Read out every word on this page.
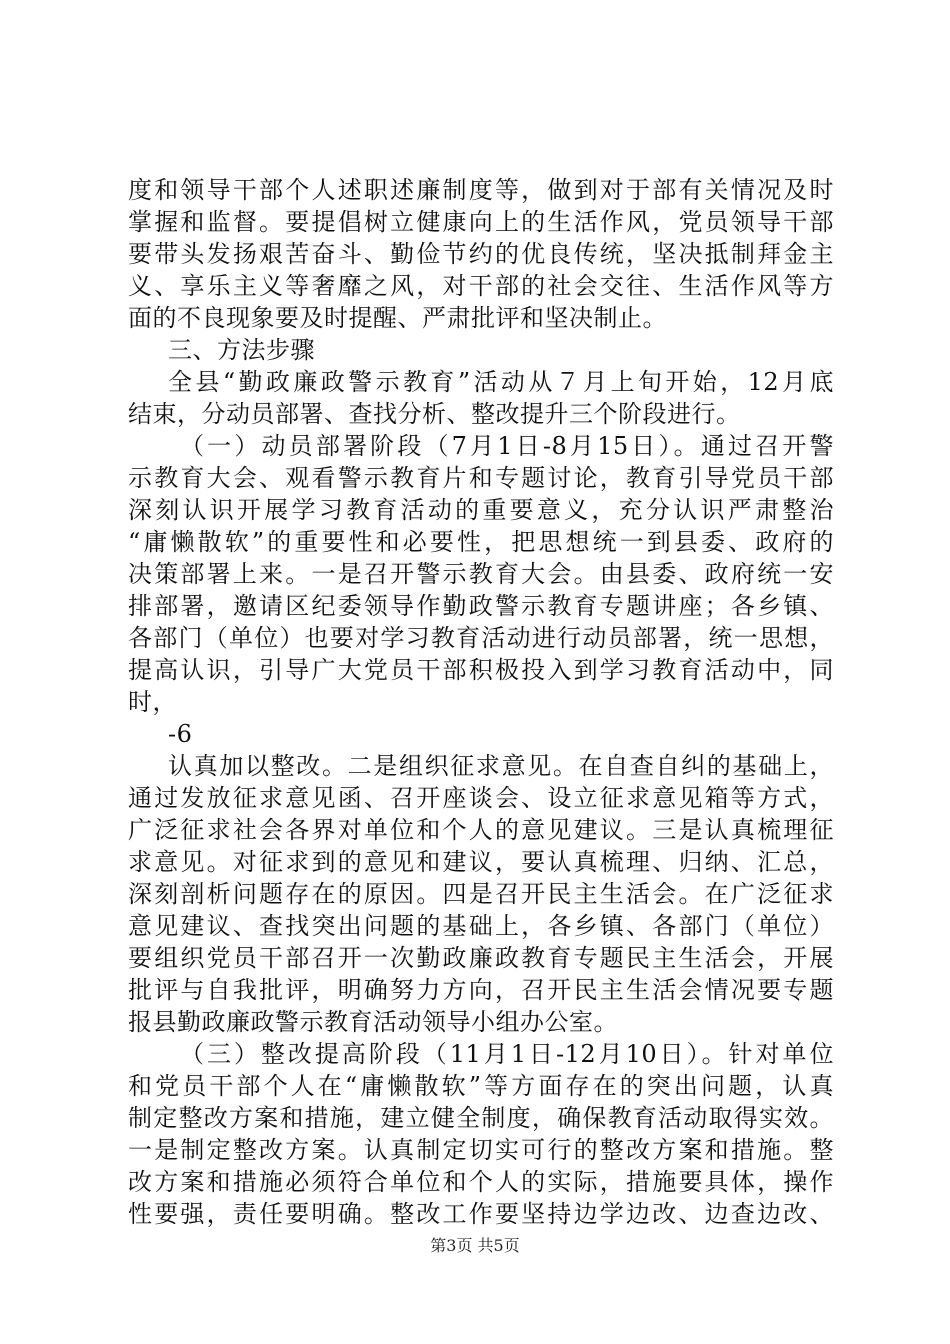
度和领导干部个人述职述廉制度等，做到对于部有关情况及时
掌握和监督。要提倡树立健康向上的生活作风，党员领导干部
要带头发扬艰苦奋斗、勤俭节约的优良传统，坚决抵制拜金主
义、享乐主义等奢靡之风，对干部的社会交往、生活作风等方
面的不良现象要及时提醒、严肃批评和坚决制止。
三、方法步骤
全县“勤政廉政警示教育”活动从７月上旬开始，12月底
结束，分动员部署、查找分析、整改提升三个阶段进行。
（一）动员部署阶段（7月1日-8月15日）。通过召开警
示教育大会、观看警示教育片和专题讨论，教育引导党员干部
深刻认识开展学习教育活动的重要意义，充分认识严肃整治
“庸懒散软”的重要性和必要性，把思想统一到县委、政府的
决策部署上来。一是召开警示教育大会。由县委、政府统一安
排部署，邀请区纪委领导作勤政警示教育专题讲座；各乡镇、
各部门（单位）也要对学习教育活动进行动员部署，统一思想，
提高认识，引导广大党员干部积极投入到学习教育活动中，同
时，
-6
认真加以整改。二是组织征求意见。在自查自纠的基础上，
通过发放征求意见函、召开座谈会、设立征求意见箱等方式，
广泛征求社会各界对单位和个人的意见建议。三是认真梳理征
求意见。对征求到的意见和建议，要认真梳理、归纳、汇总，
深刻剖析问题存在的原因。四是召开民主生活会。在广泛征求
意见建议、查找突出问题的基础上，各乡镇、各部门（单位）
要组织党员干部召开一次勤政廉政教育专题民主生活会，开展
批评与自我批评，明确努力方向，召开民主生活会情况要专题
报县勤政廉政警示教育活动领导小组办公室。
（三）整改提高阶段（11月1日-12月10日）。针对单位
和党员干部个人在“庸懒散软”等方面存在的突出问题，认真
制定整改方案和措施，建立健全制度，确保教育活动取得实效。
一是制定整改方案。认真制定切实可行的整改方案和措施。整
改方案和措施必须符合单位和个人的实际，措施要具体，操作
性要强，责任要明确。整改工作要坚持边学边改、边查边改、
第3页 共5页
